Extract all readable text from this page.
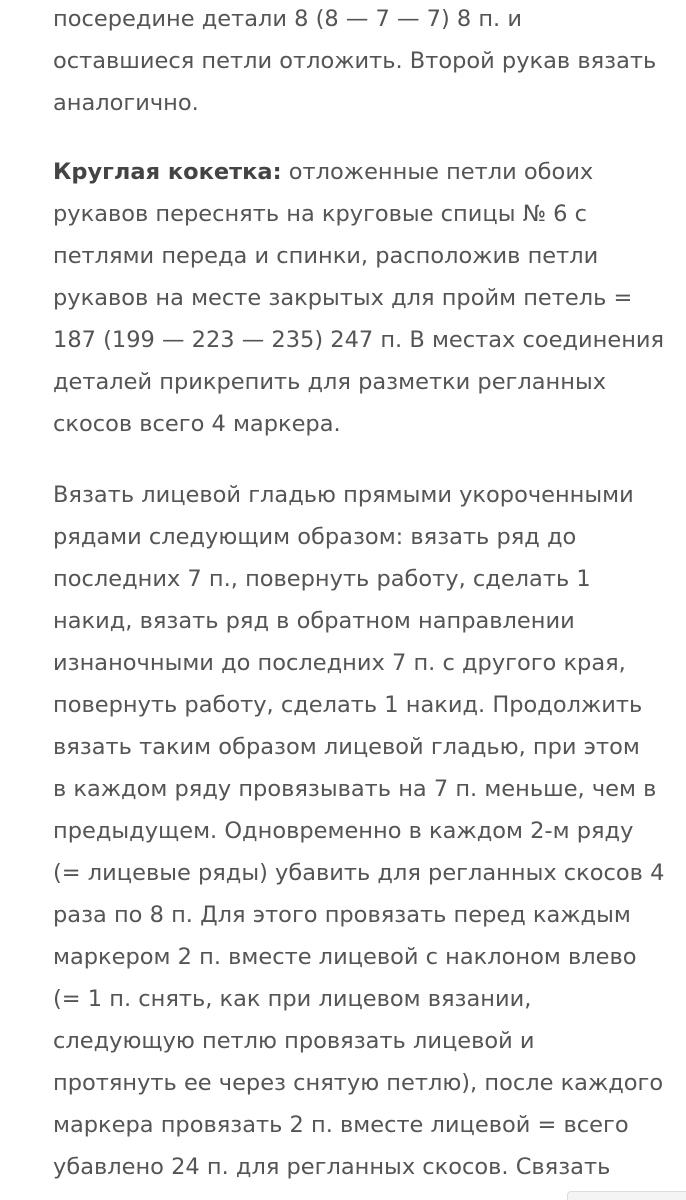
посередине детали 8 (8 — 7 — 7) 8 п. и
оставшиеся петли отложить. Второй рукав вязать
аналогично.
Круглая кокетка: отложенные петли обоих
рукавов переснять на круговые спицы № 6 с
петлями переда и спинки, расположив петли
рукавов на месте закрытых для пройм петель =
187 (199 — 223 — 235) 247 п. В местах соединения
деталей прикрепить для разметки регланных
скосов всего 4 маркера.
Вязать лицевой гладью прямыми укороченными
рядами следующим образом: вязать ряд до
последних 7 п., повернуть работу, сделать 1
накид, вязать ряд в обратном направлении
изнаночными до последних 7 п. с другого края,
повернуть работу, сделать 1 накид. Продолжить
вязать таким образом лицевой гладью, при этом
в каждом ряду провязывать на 7 п. меньше, чем в
предыдущем. Одновременно в каждом 2-м ряду
(= лицевые ряды) убавить для регланных скосов 4
раза по 8 п. Для этого провязать перед каждым
маркером 2 п. вместе лицевой с наклоном влево
(= 1 п. снять, как при лицевом вязании,
следующую петлю провязать лицевой и
протянуть ее через снятую петлю), после каждого
маркера провязать 2 п. вместе лицевой = всего
убавлено 24 п. для регланных скосов. Связать
